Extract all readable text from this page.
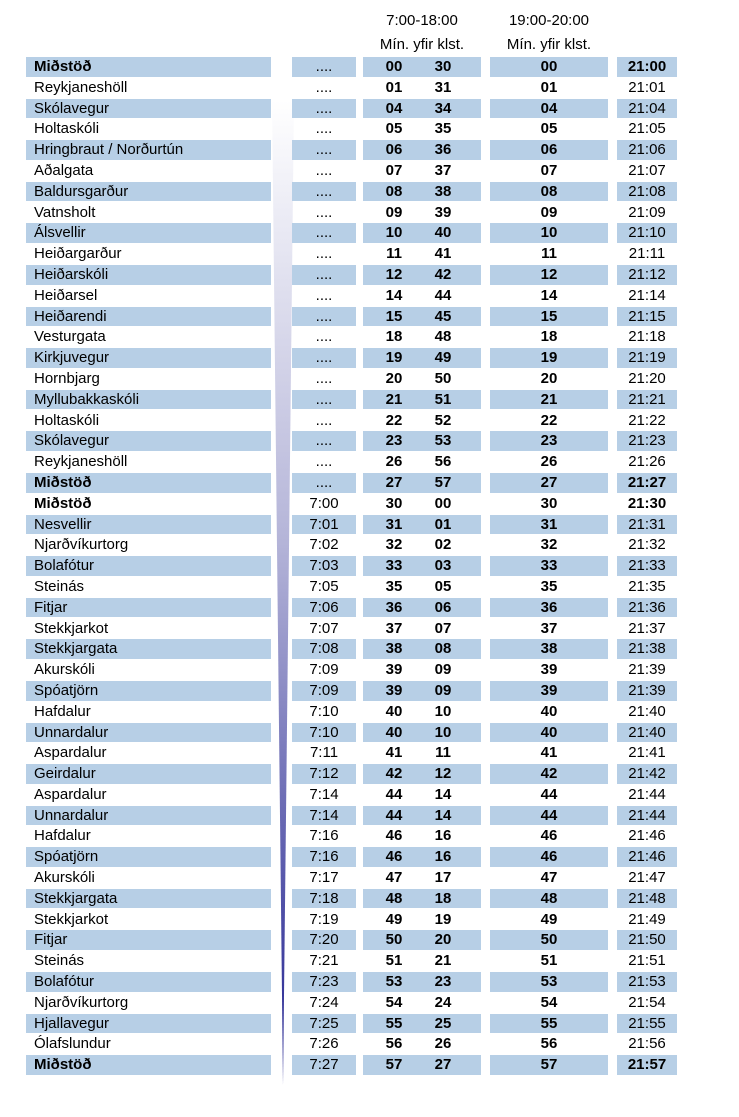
7:00-18:00
Mín. yfir klst.
19:00-20:00
Mín. yfir klst.
Miðstöð	....	00	30	00	21:00
Reykjaneshöll	....	01	31	01	21:01
Skólavegur	....	04	34	04	21:04
Holtaskóli	....	05	35	05	21:05
Hringbraut / Norðurtún	....	06	36	06	21:06
Aðalgata	....	07	37	07	21:07
Baldursgarður	....	08	38	08	21:08
Vatnsholt	....	09	39	09	21:09
Álsvellir	....	10	40	10	21:10
Heiðargarður	....	11	41	11	21:11
Heiðarskóli	....	12	42	12	21:12
Heiðarsel	....	14	44	14	21:14
Heiðarendi	....	15	45	15	21:15
Vesturgata	....	18	48	18	21:18
Kirkjuvegur	....	19	49	19	21:19
Hornbjarg	....	20	50	20	21:20
Myllubakkaskóli	....	21	51	21	21:21
Holtaskóli	....	22	52	22	21:22
Skólavegur	....	23	53	23	21:23
Reykjaneshöll	....	26	56	26	21:26
Miðstöð	....	27	57	27	21:27
Miðstöð	7:00	30	00	30	21:30
Nesvellir	7:01	31	01	31	21:31
Njarðvíkurtorg	7:02	32	02	32	21:32
Bolafótur	7:03	33	03	33	21:33
Steinás	7:05	35	05	35	21:35
Fitjar	7:06	36	06	36	21:36
Stekkjarkot	7:07	37	07	37	21:37
Stekkjargata	7:08	38	08	38	21:38
Akurskóli	7:09	39	09	39	21:39
Spóatjörn	7:09	39	09	39	21:39
Hafdalur	7:10	40	10	40	21:40
Unnardalur	7:10	40	10	40	21:40
Aspardalur	7:11	41	11	41	21:41
Geirdalur	7:12	42	12	42	21:42
Aspardalur	7:14	44	14	44	21:44
Unnardalur	7:14	44	14	44	21:44
Hafdalur	7:16	46	16	46	21:46
Spóatjörn	7:16	46	16	46	21:46
Akurskóli	7:17	47	17	47	21:47
Stekkjargata	7:18	48	18	48	21:48
Stekkjarkot	7:19	49	19	49	21:49
Fitjar	7:20	50	20	50	21:50
Steinás	7:21	51	21	51	21:51
Bolafótur	7:23	53	23	53	21:53
Njarðvíkurtorg	7:24	54	24	54	21:54
Hjallavegur	7:25	55	25	55	21:55
Ólafslundur	7:26	56	26	56	21:56
Miðstöð	7:27	57	27	57	21:57
